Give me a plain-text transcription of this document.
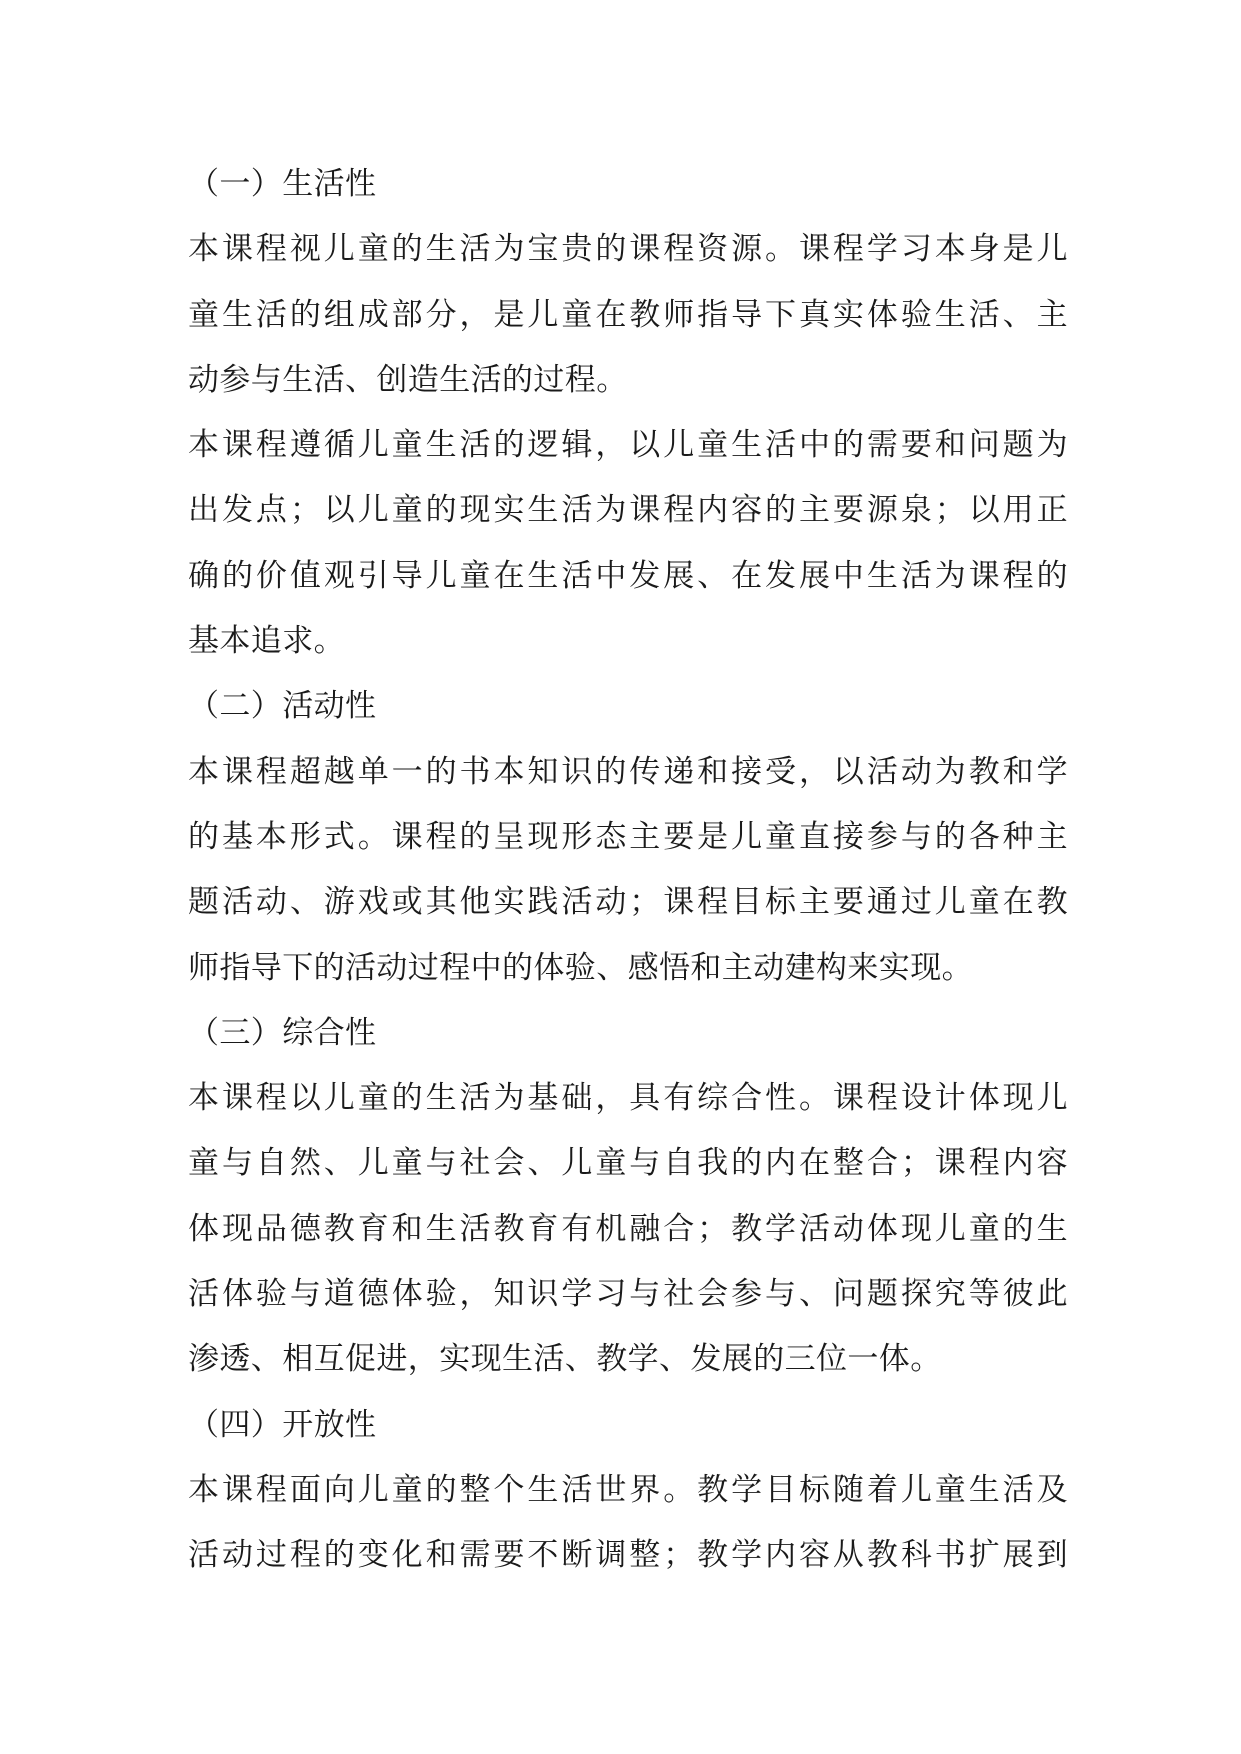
（一）生活性
本课程视儿童的生活为宝贵的课程资源。课程学习本身是儿
童生活的组成部分，是儿童在教师指导下真实体验生活、主
动参与生活、创造生活的过程。
本课程遵循儿童生活的逻辑，以儿童生活中的需要和问题为
出发点；以儿童的现实生活为课程内容的主要源泉；以用正
确的价值观引导儿童在生活中发展、在发展中生活为课程的
基本追求。
（二）活动性
本课程超越单一的书本知识的传递和接受，以活动为教和学
的基本形式。课程的呈现形态主要是儿童直接参与的各种主
题活动、游戏或其他实践活动；课程目标主要通过儿童在教
师指导下的活动过程中的体验、感悟和主动建构来实现。
（三）综合性
本课程以儿童的生活为基础，具有综合性。课程设计体现儿
童与自然、儿童与社会、儿童与自我的内在整合；课程内容
体现品德教育和生活教育有机融合；教学活动体现儿童的生
活体验与道德体验，知识学习与社会参与、问题探究等彼此
渗透、相互促进，实现生活、教学、发展的三位一体。
（四）开放性
本课程面向儿童的整个生活世界。教学目标随着儿童生活及
活动过程的变化和需要不断调整；教学内容从教科书扩展到
